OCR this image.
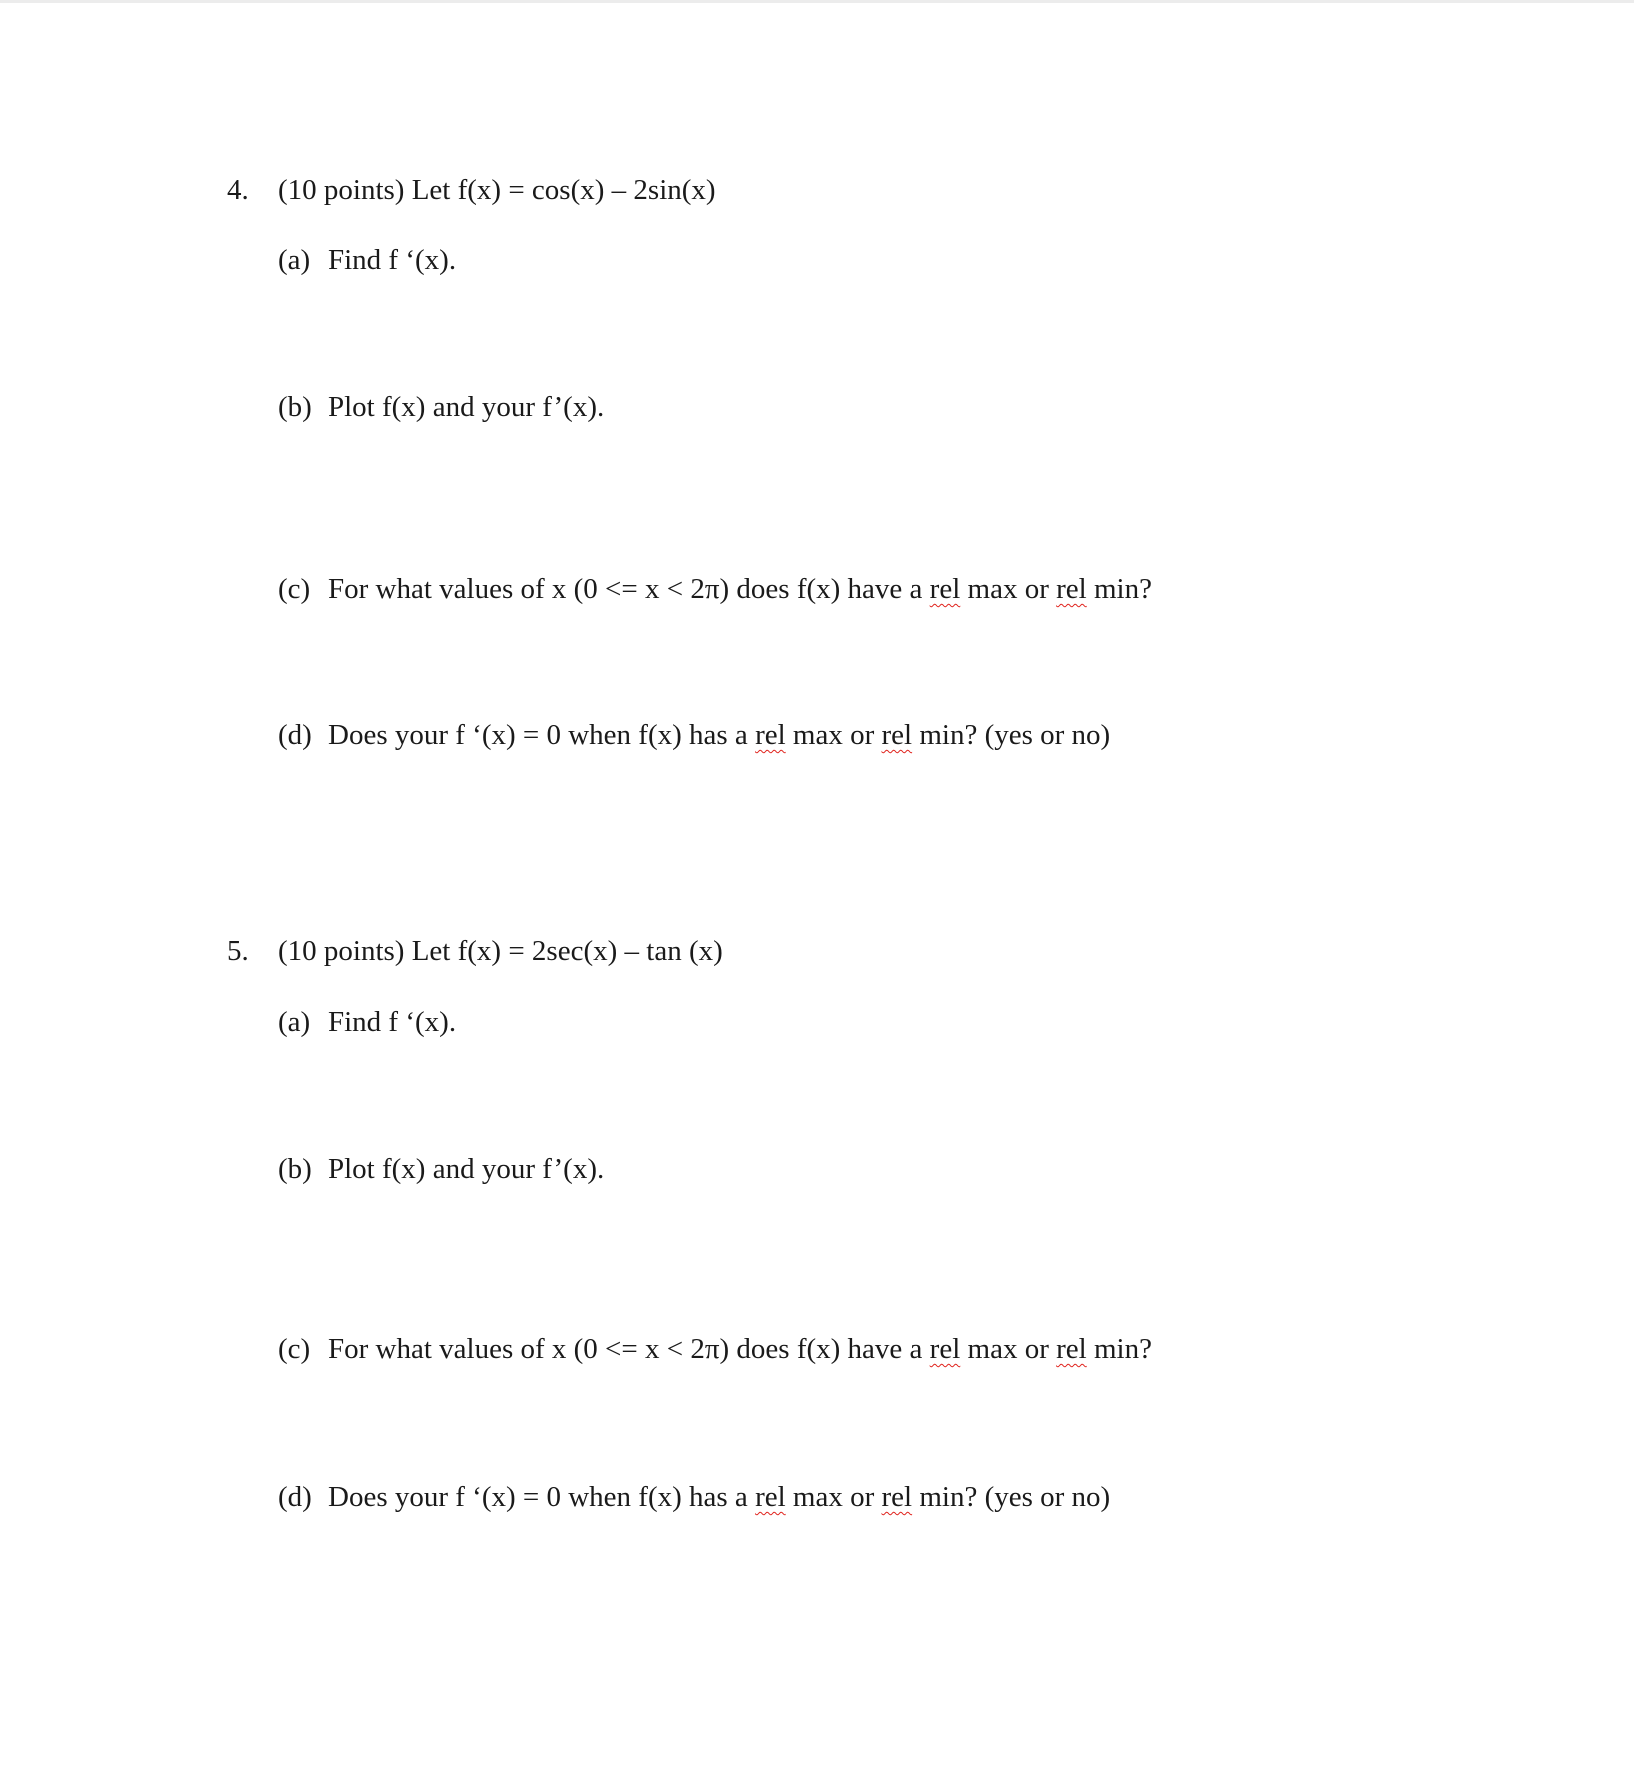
4. (10 points) Let f(x) = cos(x) – 2sin(x)
(a) Find f ‘(x).
(b) Plot f(x) and your f’(x).
(c) For what values of x (0 <= x < 2π) does f(x) have a rel max or rel min?
(d) Does your f ‘(x) = 0 when f(x) has a rel max or rel min? (yes or no)
5. (10 points) Let f(x) = 2sec(x) – tan (x)
(a) Find f ‘(x).
(b) Plot f(x) and your f’(x).
(c) For what values of x (0 <= x < 2π) does f(x) have a rel max or rel min?
(d) Does your f ‘(x) = 0 when f(x) has a rel max or rel min? (yes or no)
